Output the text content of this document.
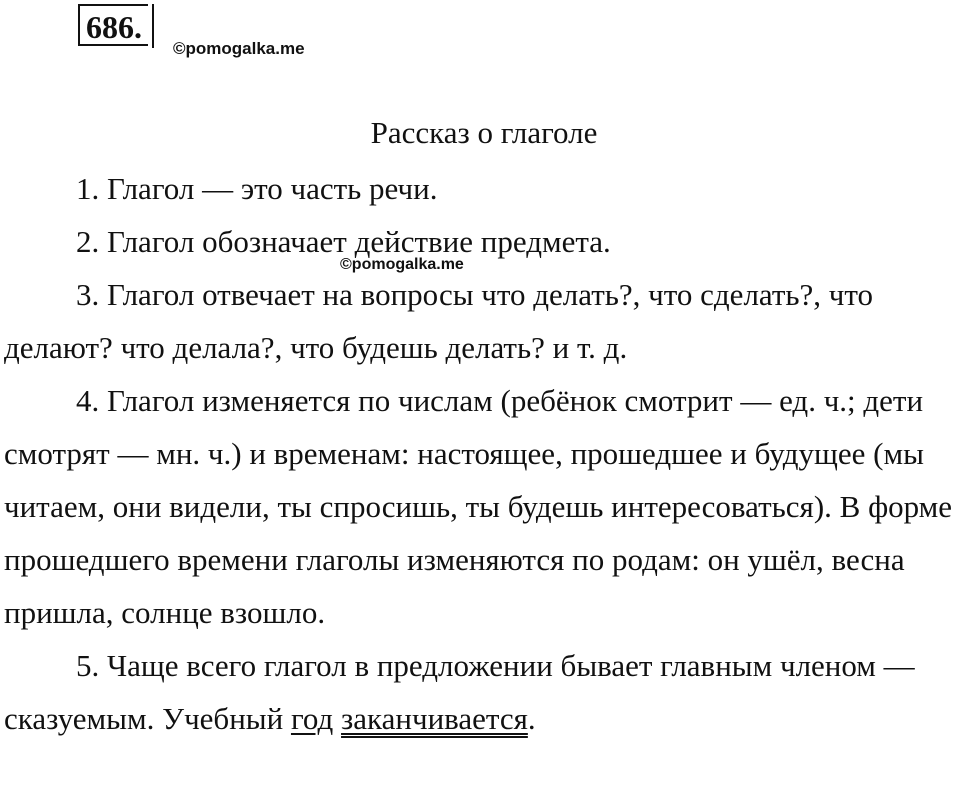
686.
©pomogalka.me
Рассказ о глаголе

1. Глагол — это часть речи.

2. Глагол обозначает действие предмета.

3. Глагол отвечает на вопросы что делать?, что сделать?, что делают? что делала?, что будешь делать? и т. д.

4. Глагол изменяется по числам (ребёнок смотрит — ед. ч.; дети смотрят — мн. ч.) и временам: настоящее, прошедшее и будущее (мы читаем, они видели, ты спросишь, ты будешь интересоваться). В форме прошедшего времени глаголы изменяются по родам: он ушёл, весна пришла, солнце взошло.

5. Чаще всего глагол в предложении бывает главным членом — сказуемым. Учебный год заканчивается.

©pomogalka.me
